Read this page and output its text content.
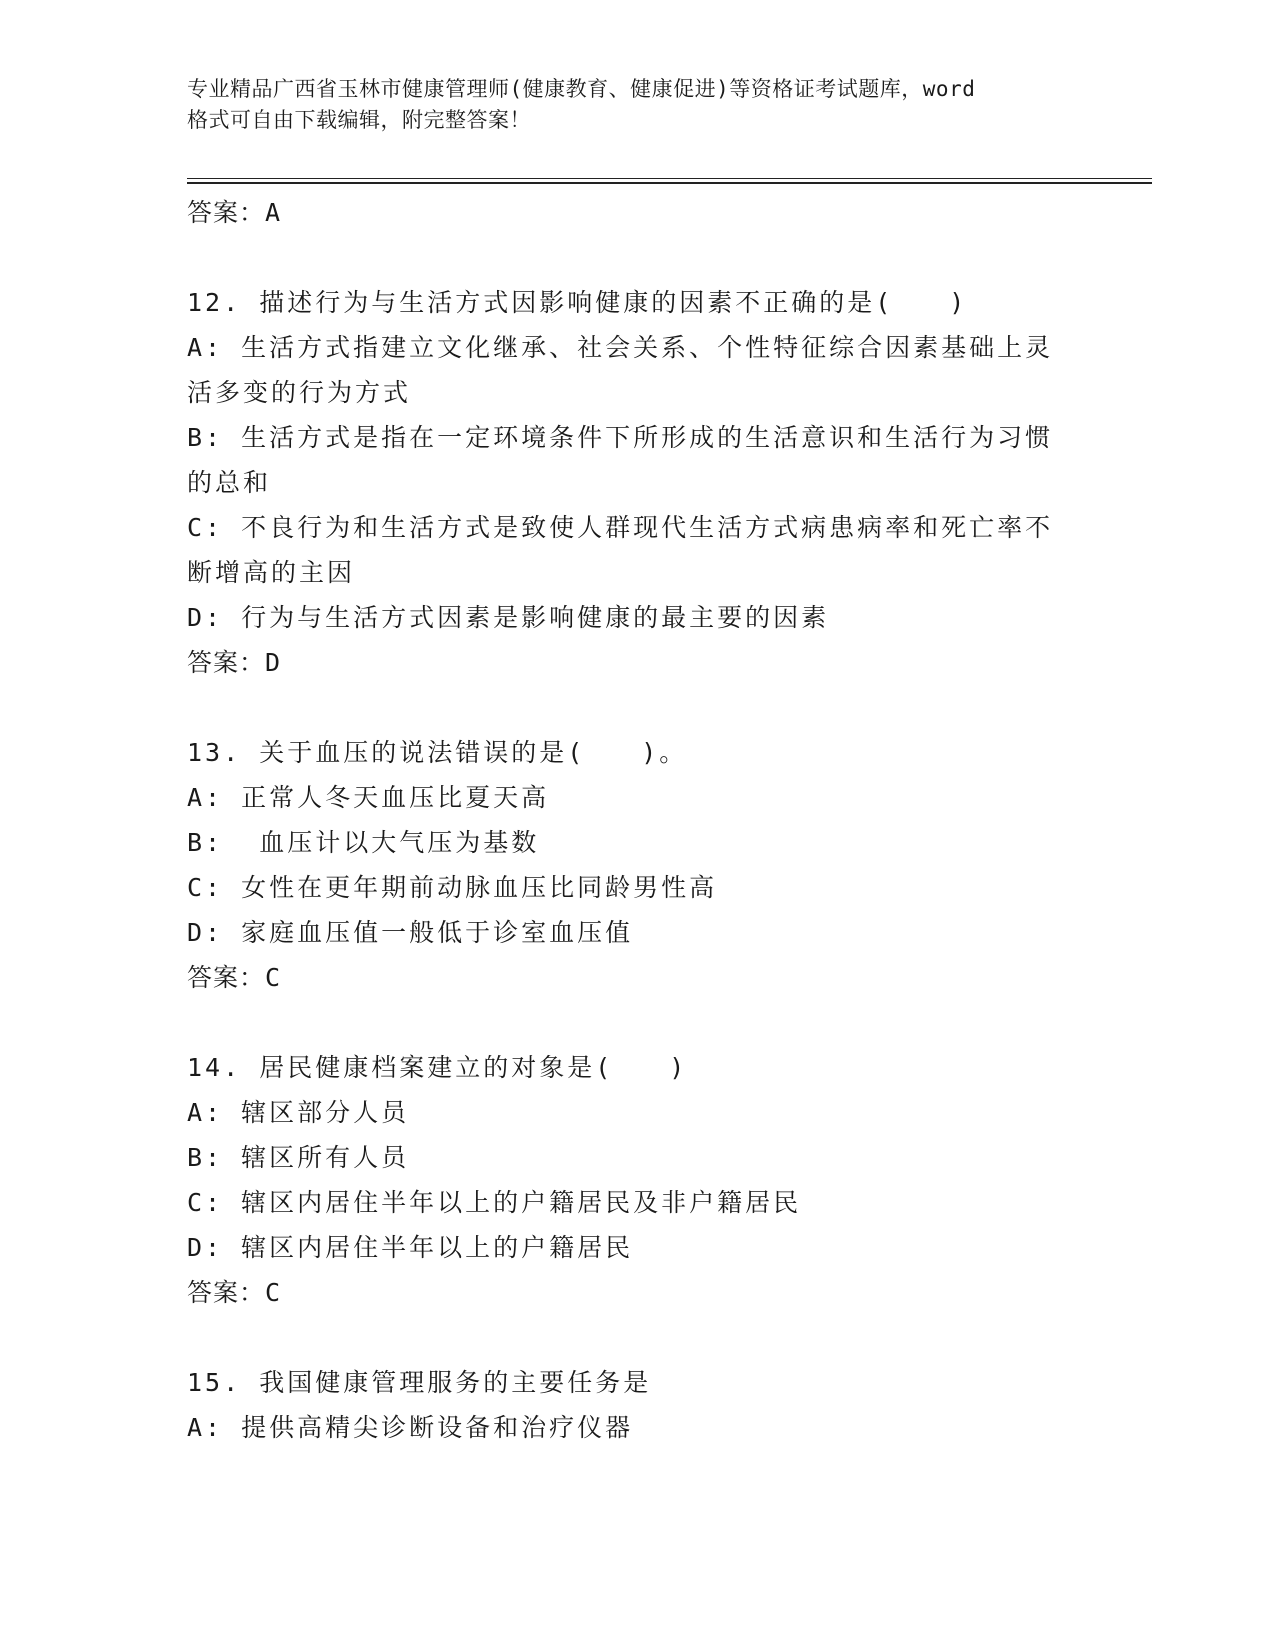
专业精品广西省玉林市健康管理师(健康教育、健康促进)等资格证考试题库，word
格式可自由下载编辑，附完整答案！
答案：A
12. 描述行为与生活方式因影响健康的因素不正确的是(　　)
A: 生活方式指建立文化继承、社会关系、个性特征综合因素基础上灵
活多变的行为方式
B: 生活方式是指在一定环境条件下所形成的生活意识和生活行为习惯
的总和
C: 不良行为和生活方式是致使人群现代生活方式病患病率和死亡率不
断增高的主因
D: 行为与生活方式因素是影响健康的最主要的因素
答案：D
13. 关于血压的说法错误的是(　　)。
A: 正常人冬天血压比夏天高
B:  血压计以大气压为基数
C: 女性在更年期前动脉血压比同龄男性高
D: 家庭血压值一般低于诊室血压值
答案：C
14. 居民健康档案建立的对象是(　　)
A: 辖区部分人员
B: 辖区所有人员
C: 辖区内居住半年以上的户籍居民及非户籍居民
D: 辖区内居住半年以上的户籍居民
答案：C
15. 我国健康管理服务的主要任务是
A: 提供高精尖诊断设备和治疗仪器
